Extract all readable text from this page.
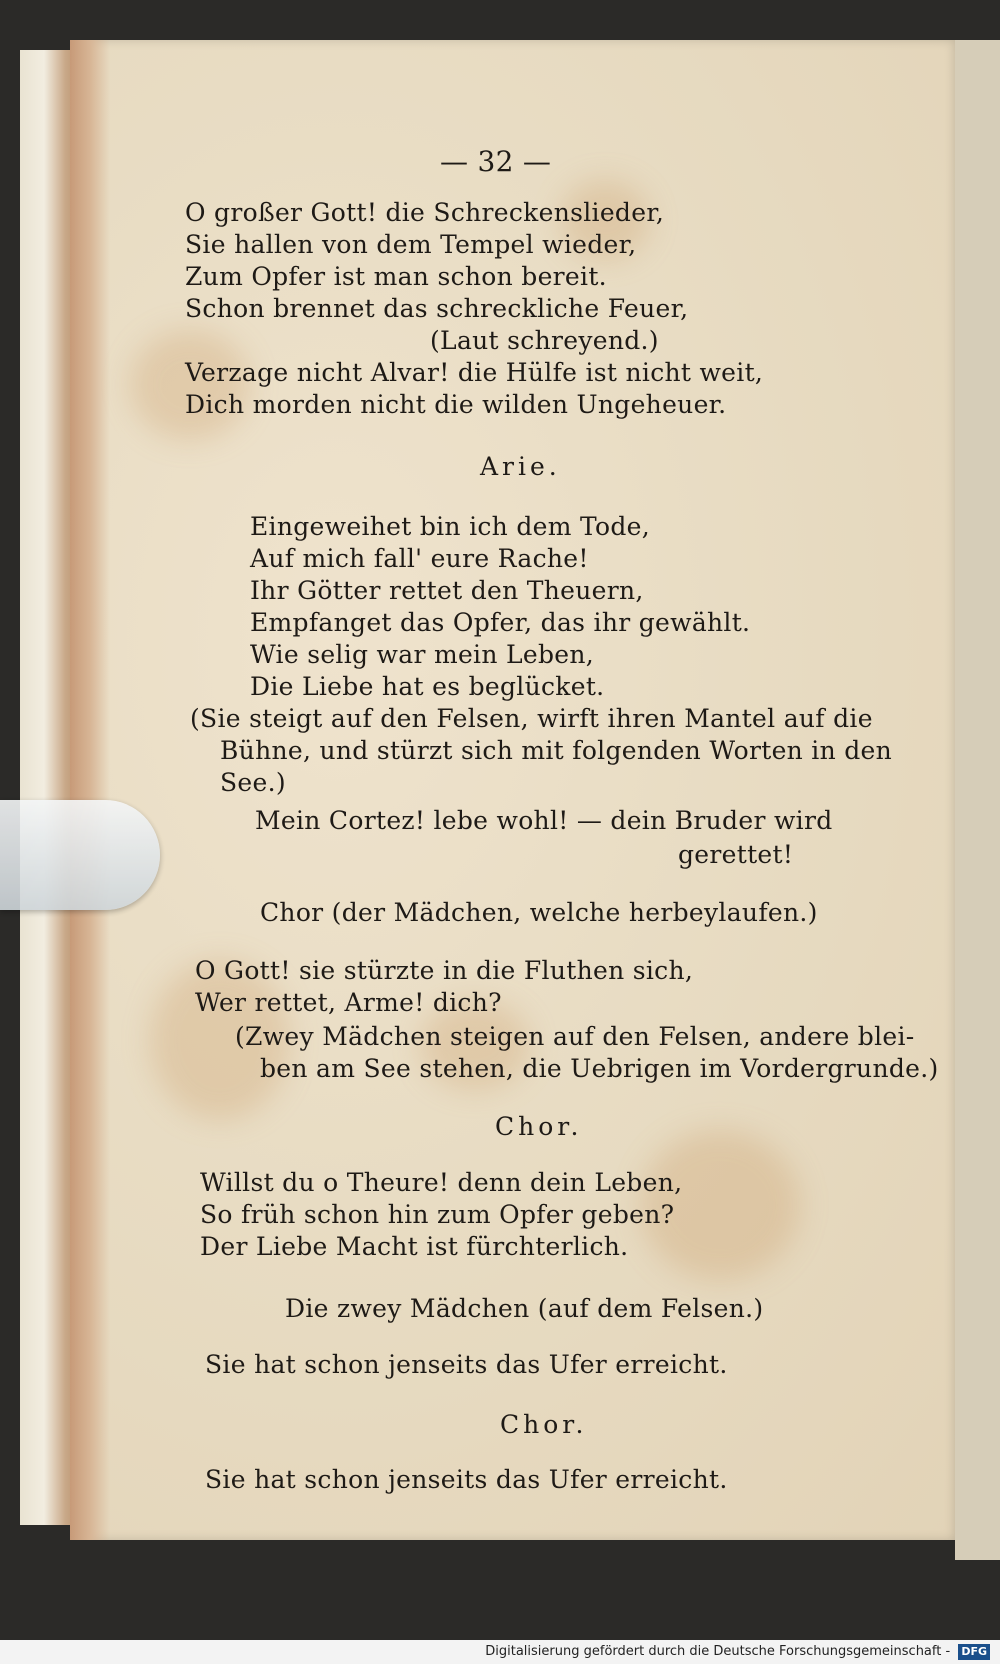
— 32 —
O großer Gott! die Schreckenslieder,
Sie hallen von dem Tempel wieder,
Zum Opfer ist man schon bereit.
Schon brennet das schreckliche Feuer,
(Laut schreyend.)
Verzage nicht Alvar! die Hülfe ist nicht weit,
Dich morden nicht die wilden Ungeheuer.
Arie.
Eingeweihet bin ich dem Tode,
Auf mich fall' eure Rache!
Ihr Götter rettet den Theuern,
Empfanget das Opfer, das ihr gewählt.
Wie selig war mein Leben,
Die Liebe hat es beglücket.
(Sie steigt auf den Felsen, wirft ihren Mantel auf die
Bühne, und stürzt sich mit folgenden Worten in den
See.)
Mein Cortez! lebe wohl! — dein Bruder wird
gerettet!
Chor (der Mädchen, welche herbeylaufen.)
O Gott! sie stürzte in die Fluthen sich,
Wer rettet, Arme! dich?
(Zwey Mädchen steigen auf den Felsen, andere blei-
ben am See stehen, die Uebrigen im Vordergrunde.)
Chor.
Willst du o Theure! denn dein Leben,
So früh schon hin zum Opfer geben?
Der Liebe Macht ist fürchterlich.
Die zwey Mädchen (auf dem Felsen.)
Sie hat schon jenseits das Ufer erreicht.
Chor.
Sie hat schon jenseits das Ufer erreicht.
Digitalisierung gefördert durch die Deutsche Forschungsgemeinschaft - DFG
